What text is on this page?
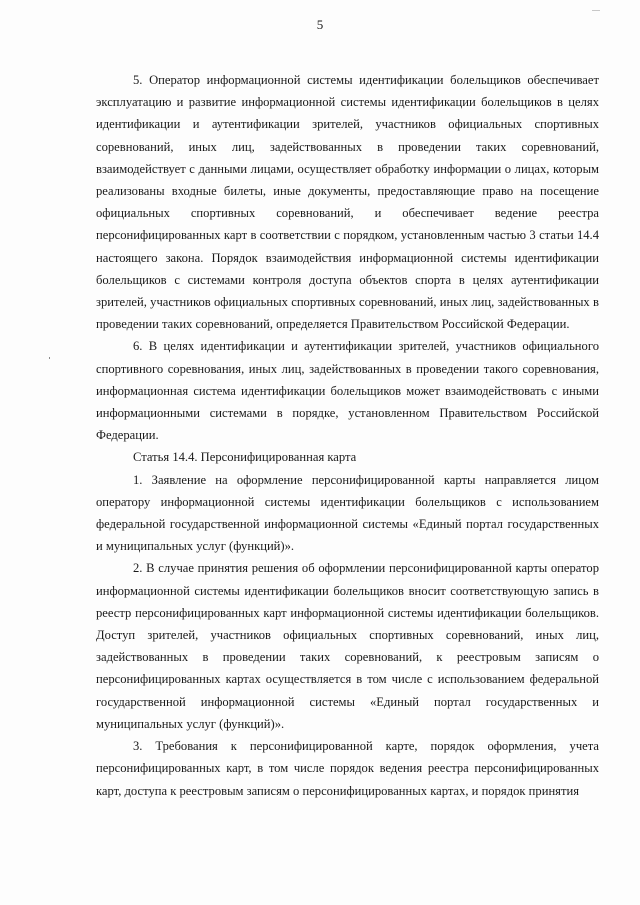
5

5. Оператор информационной системы идентификации болельщиков обеспечивает эксплуатацию и развитие информационной системы идентификации болельщиков в целях идентификации и аутентификации зрителей, участников официальных спортивных соревнований, иных лиц, задействованных в проведении таких соревнований, взаимодействует с данными лицами, осуществляет обработку информации о лицах, которым реализованы входные билеты, иные документы, предоставляющие право на посещение официальных спортивных соревнований, и обеспечивает ведение реестра персонифицированных карт в соответствии с порядком, установленным частью 3 статьи 14.4 настоящего закона. Порядок взаимодействия информационной системы идентификации болельщиков с системами контроля доступа объектов спорта в целях аутентификации зрителей, участников официальных спортивных соревнований, иных лиц, задействованных в проведении таких соревнований, определяется Правительством Российской Федерации.

6. В целях идентификации и аутентификации зрителей, участников официального спортивного соревнования, иных лиц, задействованных в проведении такого соревнования, информационная система идентификации болельщиков может взаимодействовать с иными информационными системами в порядке, установленном Правительством Российской Федерации.

Статья 14.4. Персонифицированная карта

1. Заявление на оформление персонифицированной карты направляется лицом оператору информационной системы идентификации болельщиков с использованием федеральной государственной информационной системы «Единый портал государственных и муниципальных услуг (функций)».

2. В случае принятия решения об оформлении персонифицированной карты оператор информационной системы идентификации болельщиков вносит соответствующую запись в реестр персонифицированных карт информационной системы идентификации болельщиков. Доступ зрителей, участников официальных спортивных соревнований, иных лиц, задействованных в проведении таких соревнований, к реестровым записям о персонифицированных картах осуществляется в том числе с использованием федеральной государственной информационной системы «Единый портал государственных и муниципальных услуг (функций)».

3. Требования к персонифицированной карте, порядок оформления, учета персонифицированных карт, в том числе порядок ведения реестра персонифицированных карт, доступа к реестровым записям о персонифицированных картах, и порядок принятия
